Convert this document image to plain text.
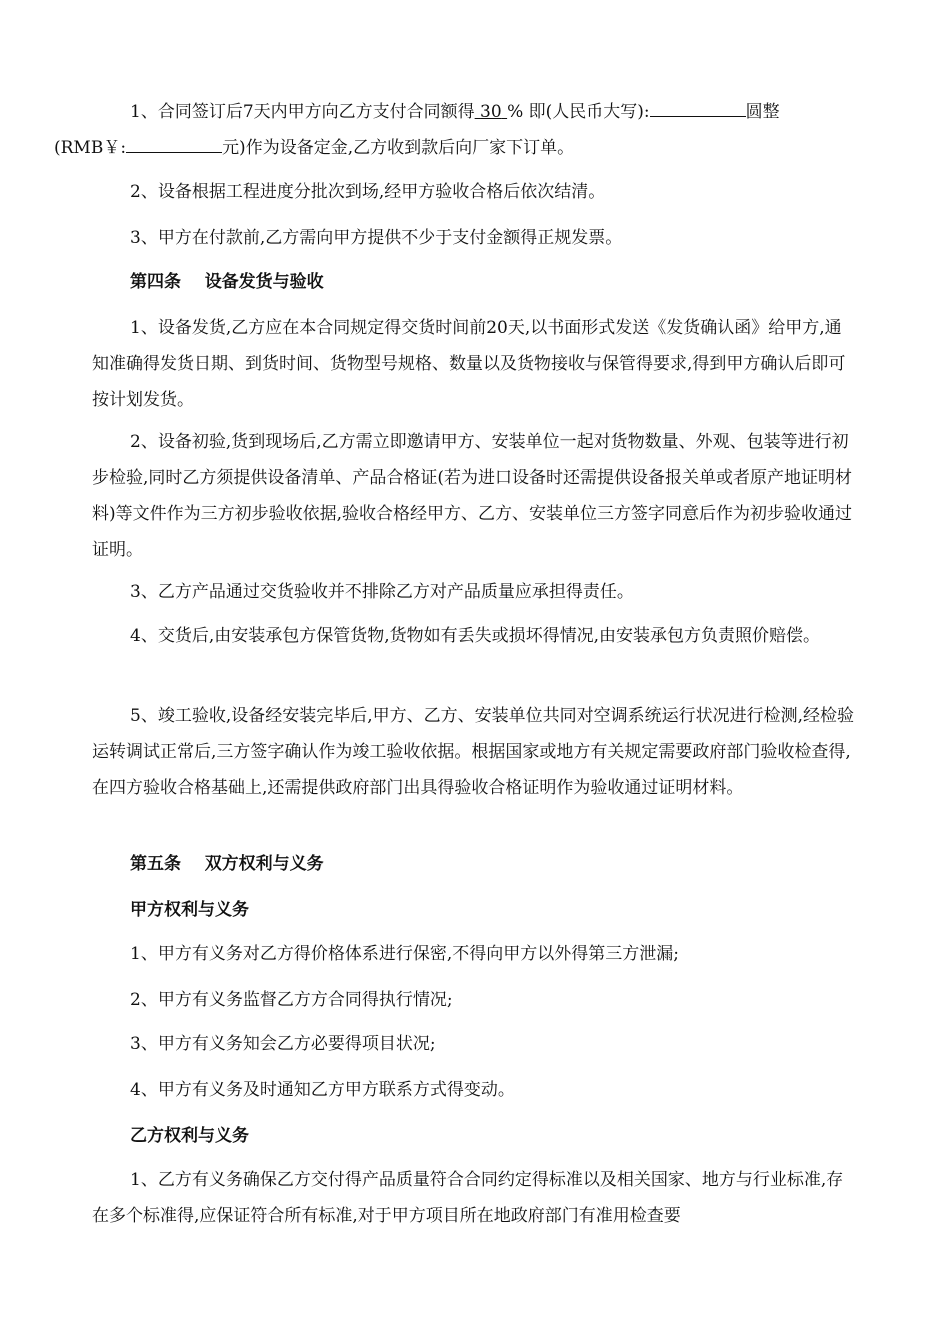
1、合同签订后7天内甲方向乙方支付合同额得 30 % 即(人民币大写):	圆整
(RMB￥:	元)作为设备定金,乙方收到款后向厂家下订单。

2、设备根据工程进度分批次到场,经甲方验收合格后依次结清。

3、甲方在付款前,乙方需向甲方提供不少于支付金额得正规发票。

第四条 设备发货与验收

1、设备发货,乙方应在本合同规定得交货时间前20天,以书面形式发送《发货确认函》给甲方,通知准确得发货日期、到货时间、货物型号规格、数量以及货物接收与保管得要求,得到甲方确认后即可按计划发货。

2、设备初验,货到现场后,乙方需立即邀请甲方、安装单位一起对货物数量、外观、包装等进行初步检验,同时乙方须提供设备清单、产品合格证(若为进口设备时还需提供设备报关单或者原产地证明材料)等文件作为三方初步验收依据,验收合格经甲方、乙方、安装单位三方签字同意后作为初步验收通过证明。

3、乙方产品通过交货验收并不排除乙方对产品质量应承担得责任。

4、交货后,由安装承包方保管货物,货物如有丢失或损坏得情况,由安装承包方负责照价赔偿。

5、竣工验收,设备经安装完毕后,甲方、乙方、安装单位共同对空调系统运行状况进行检测,经检验运转调试正常后,三方签字确认作为竣工验收依据。根据国家或地方有关规定需要政府部门验收检查得,在四方验收合格基础上,还需提供政府部门出具得验收合格证明作为验收通过证明材料。

第五条 双方权利与义务

甲方权利与义务

1、甲方有义务对乙方得价格体系进行保密,不得向甲方以外得第三方泄漏;

2、甲方有义务监督乙方方合同得执行情况;

3、甲方有义务知会乙方必要得项目状况;

4、甲方有义务及时通知乙方甲方联系方式得变动。

乙方权利与义务

1、乙方有义务确保乙方交付得产品质量符合合同约定得标准以及相关国家、地方与行业标准,存在多个标准得,应保证符合所有标准,对于甲方项目所在地政府部门有准用检查要
